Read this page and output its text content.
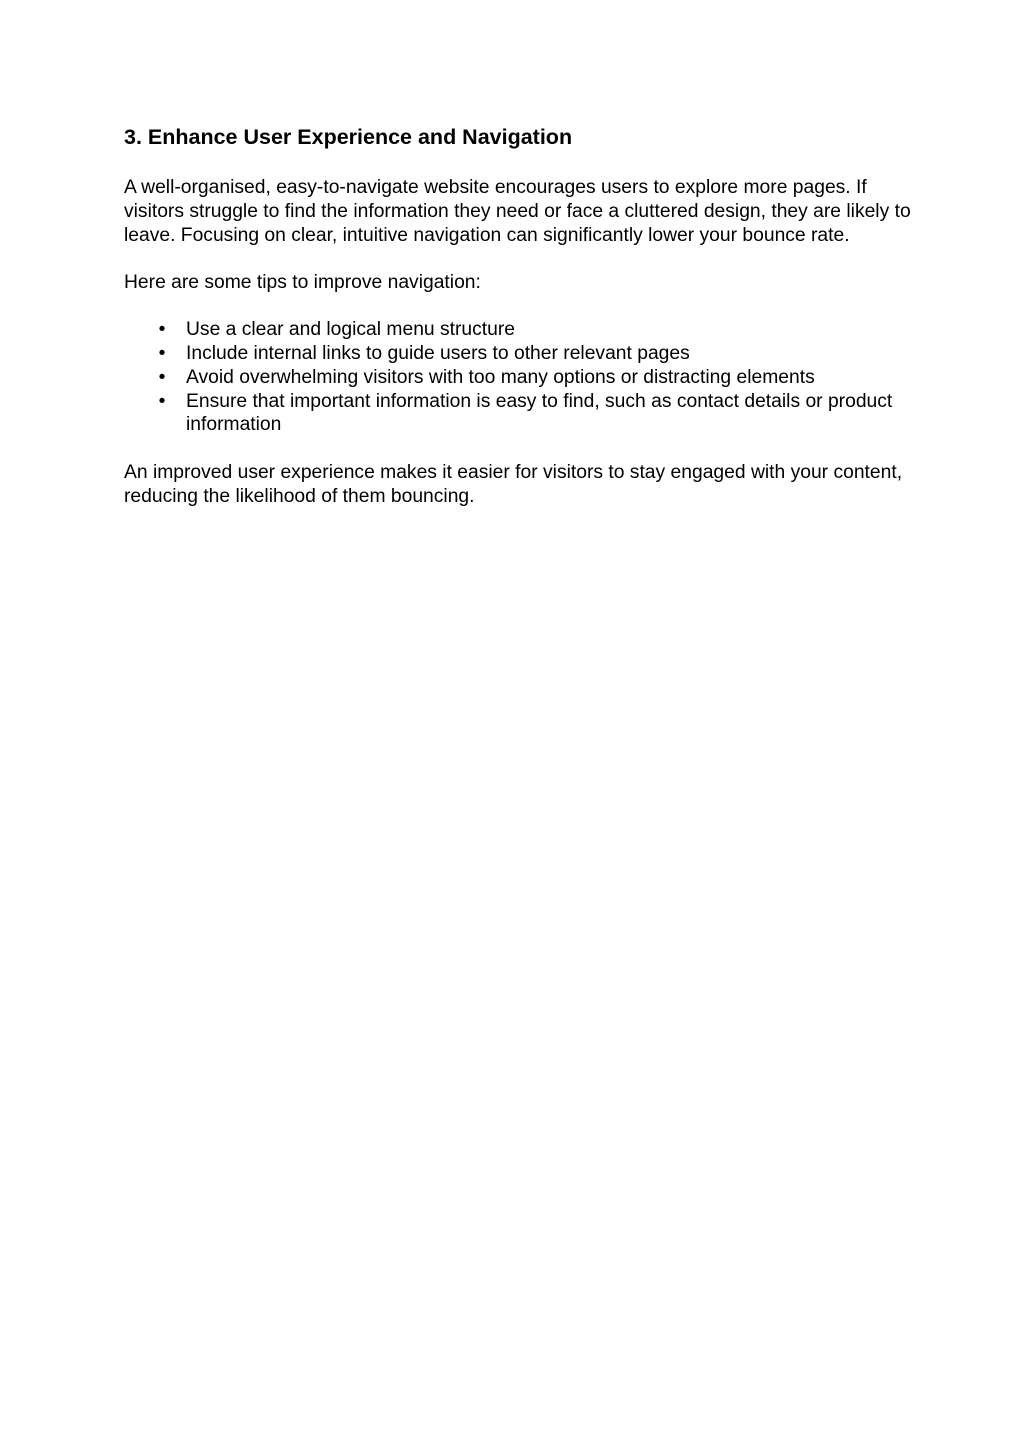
3. Enhance User Experience and Navigation

A well-organised, easy-to-navigate website encourages users to explore more pages. If visitors struggle to find the information they need or face a cluttered design, they are likely to leave. Focusing on clear, intuitive navigation can significantly lower your bounce rate.

Here are some tips to improve navigation:

• Use a clear and logical menu structure
• Include internal links to guide users to other relevant pages
• Avoid overwhelming visitors with too many options or distracting elements
• Ensure that important information is easy to find, such as contact details or product information

An improved user experience makes it easier for visitors to stay engaged with your content, reducing the likelihood of them bouncing.
